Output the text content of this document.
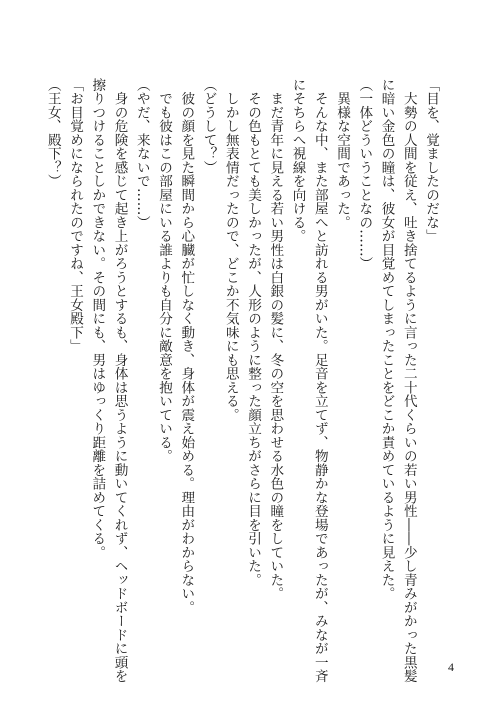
「目を、覚ましたのだな」
　大勢の人間を従え、吐き捨てるように言った二十代くらいの若い男性――少し青みがかった黒髪
に暗い金色の瞳は、彼女が目覚めてしまったことをどこか責めているように見えた。
（一体どういうことなの……）
　異様な空間であった。
　そんな中、また部屋へと訪れる男がいた。足音を立てず、物静かな登場であったが、みなが一斉
にそちらへ視線を向ける。
　まだ青年に見える若い男性は白銀の髪に、冬の空を思わせる水色の瞳をしていた。
　その色もとても美しかったが、人形のように整った顔立ちがさらに目を引いた。
　しかし無表情だったので、どこか不気味にも思える。
（どうして？）
　彼の顔を見た瞬間から心臓が忙しなく動き、身体が震え始める。理由がわからない。
　でも彼はこの部屋にいる誰よりも自分に敵意を抱いている。
（やだ、来ないで……）
　身の危険を感じて起き上がろうとするも、身体は思うように動いてくれず、ヘッドボードに頭を
擦りつけることしかできない。その間にも、男はゆっくり距離を詰めてくる。
「お目覚めになられたのですね、王女殿下」
（王女、殿下？）
4
